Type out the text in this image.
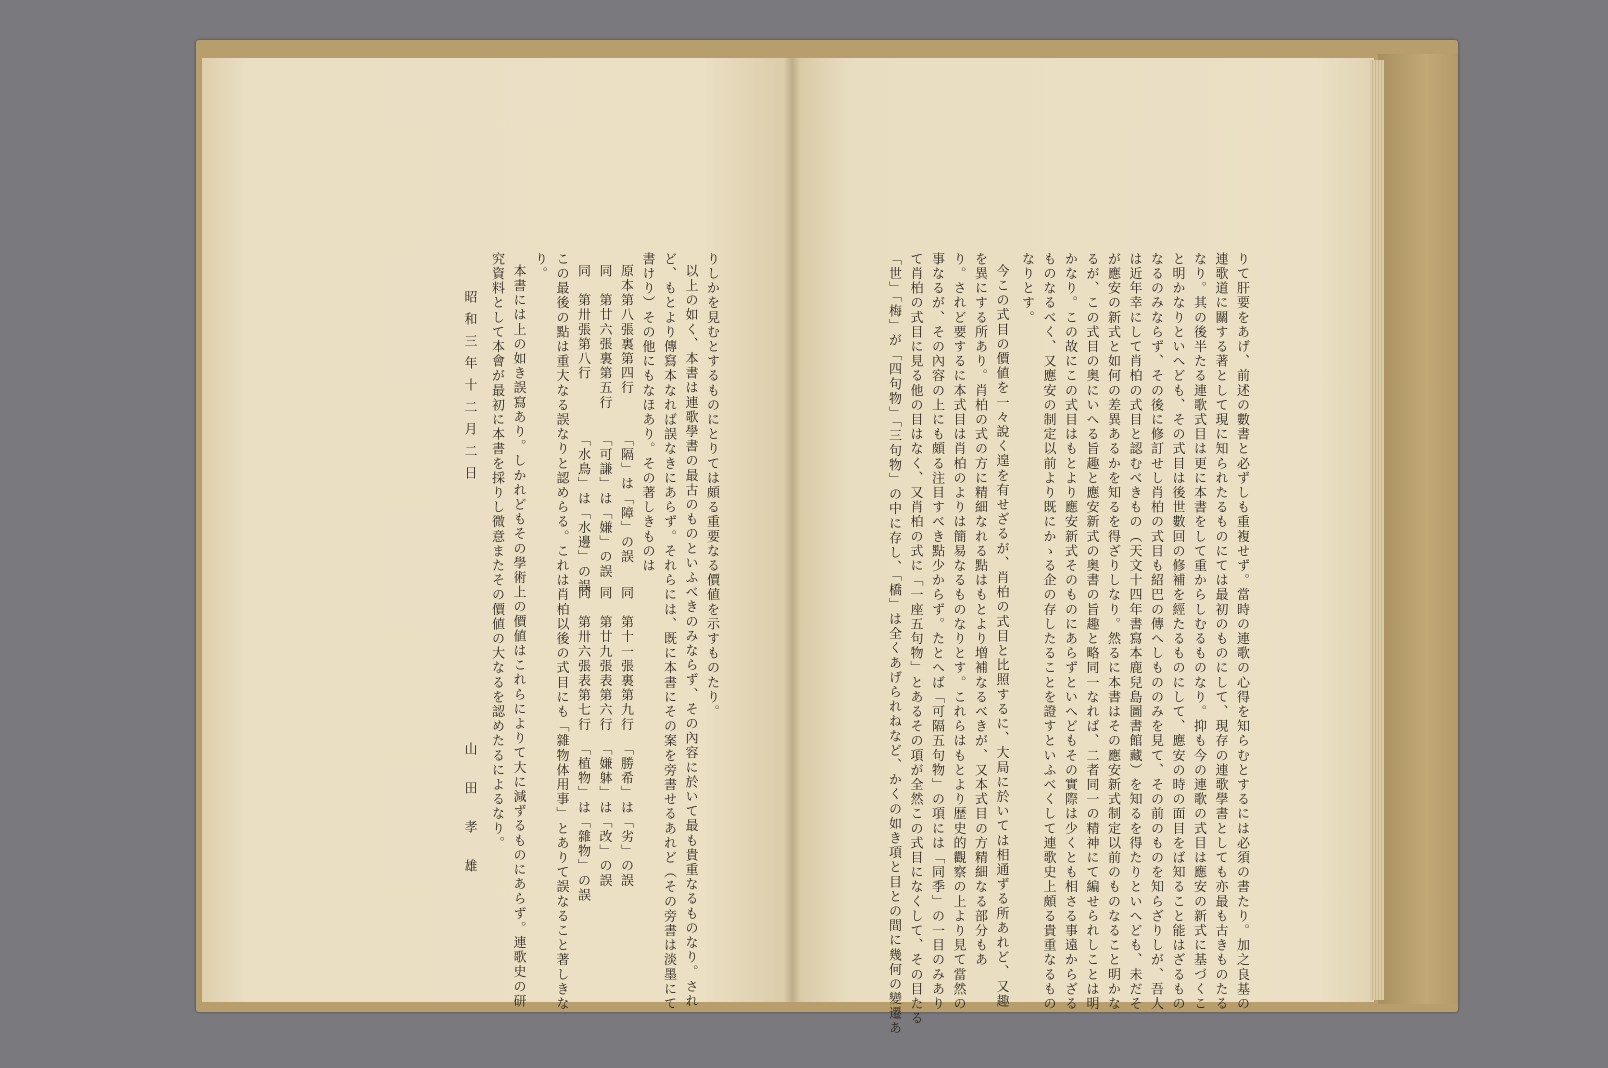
りしかを見むとするものにとりては頗る重要なる價値を示すものたり。
以上の如く、本書は連歌學書の最古のものといふべきのみならず、その內容に於いて最も貴重なるものなり。され
ど、もとより傳寫本なれば誤なきにあらず。それらには、既に本書にその案を旁書せるあれど（その旁書は淡墨にて
書けり）その他にもなほあり。その著しきものは
原本第八張裏第四行
「隔」は「障」の誤
同　第十一張裏第九行
「勝希」は「劣」の誤
同　第廿六張裏第五行
「可謙」は「嫌」の誤
同　第廿九張表第六行
「嫌躰」は「改」の誤
同　第卅張第八行
「水鳥」は「水邊」の誤
同　第卅六張表第七行
「植物」は「雜物」の誤
この最後の點は重大なる誤なりと認めらる。これは肖柏以後の式目にも「雜物体用事」とありて誤なること著しきな
り。
本書には上の如き誤寫あり。しかれどもその學術上の價値はこれらによりて大に減ずるものにあらず。連歌史の研
究資料として本會が最初に本書を採りし微意またその價値の大なるを認めたるによるなり。
昭和三年十二月二日
山田孝雄	りて肝要をあげ、前述の數書と必ずしも重複せず。當時の連歌の心得を知らむとするには必須の書たり。加之良基の
連歌道に關する著として現に知られたるものにては最初のものにして、現存の連歌學書としても亦最も古きものたる
なり。其の後半たる連歌式目は更に本書をして重からしむるものなり。抑も今の連歌の式目は應安の新式に基づくこ
と明かなりといへども、その式目は後世數回の修補を經たるものにして、應安の時の面目をば知ること能はざるもの
なるのみならず、その後に修訂せし肖柏の式目も紹巴の傳へしもののみを見て、その前のものを知らざりしが、吾人
は近年幸にして肖柏の式目と認むべきもの（天文十四年書寫本鹿兒島圖書館藏）を知るを得たりといへども、未だそ
が應安の新式と如何の差異あるかを知るを得ざりしなり。然るに本書はその應安新式制定以前のものなること明かな
るが、この式目の奥にいへる旨趣と應安新式の奥書の旨趣と略同一なれば、二者同一の精神にて編せられしことは明
かなり。この故にこの式目はもとより應安新式そのものにあらずといへどもその實際は少くとも相さる事遠からざる
ものなるべく、又應安の制定以前より既にかゝる企の存したることを證すといふべくして連歌史上頗る貴重なるもの
なりとす。
今この式目の價値を一々說く遑を有せざるが、肖柏の式目と比照するに、大局に於いては相通ずる所あれど、又趣
を異にする所あり。肖柏の式の方に精細なれる點はもとより増補なるべきが、又本式目の方精細なる部分もあ
り。されど要するに本式目は肖柏のよりは簡易なるものなりとす。これらはもとより歴史的觀察の上より見て當然の
事なるが、その內容の上にも頗る注目すべき點少からず。たとへば「可隔五句物」の項には「同季」の一目のみあり
て肖柏の式目に見る他の目はなく、又肖柏の式に「一座五句物」とあるその項が全然この式目になくして、その目たる
「世」「梅」が「四句物」「三句物」の中に存し、「橋」は全くあげられねなど、かくの如き項と目との間に幾何の變遷あ
